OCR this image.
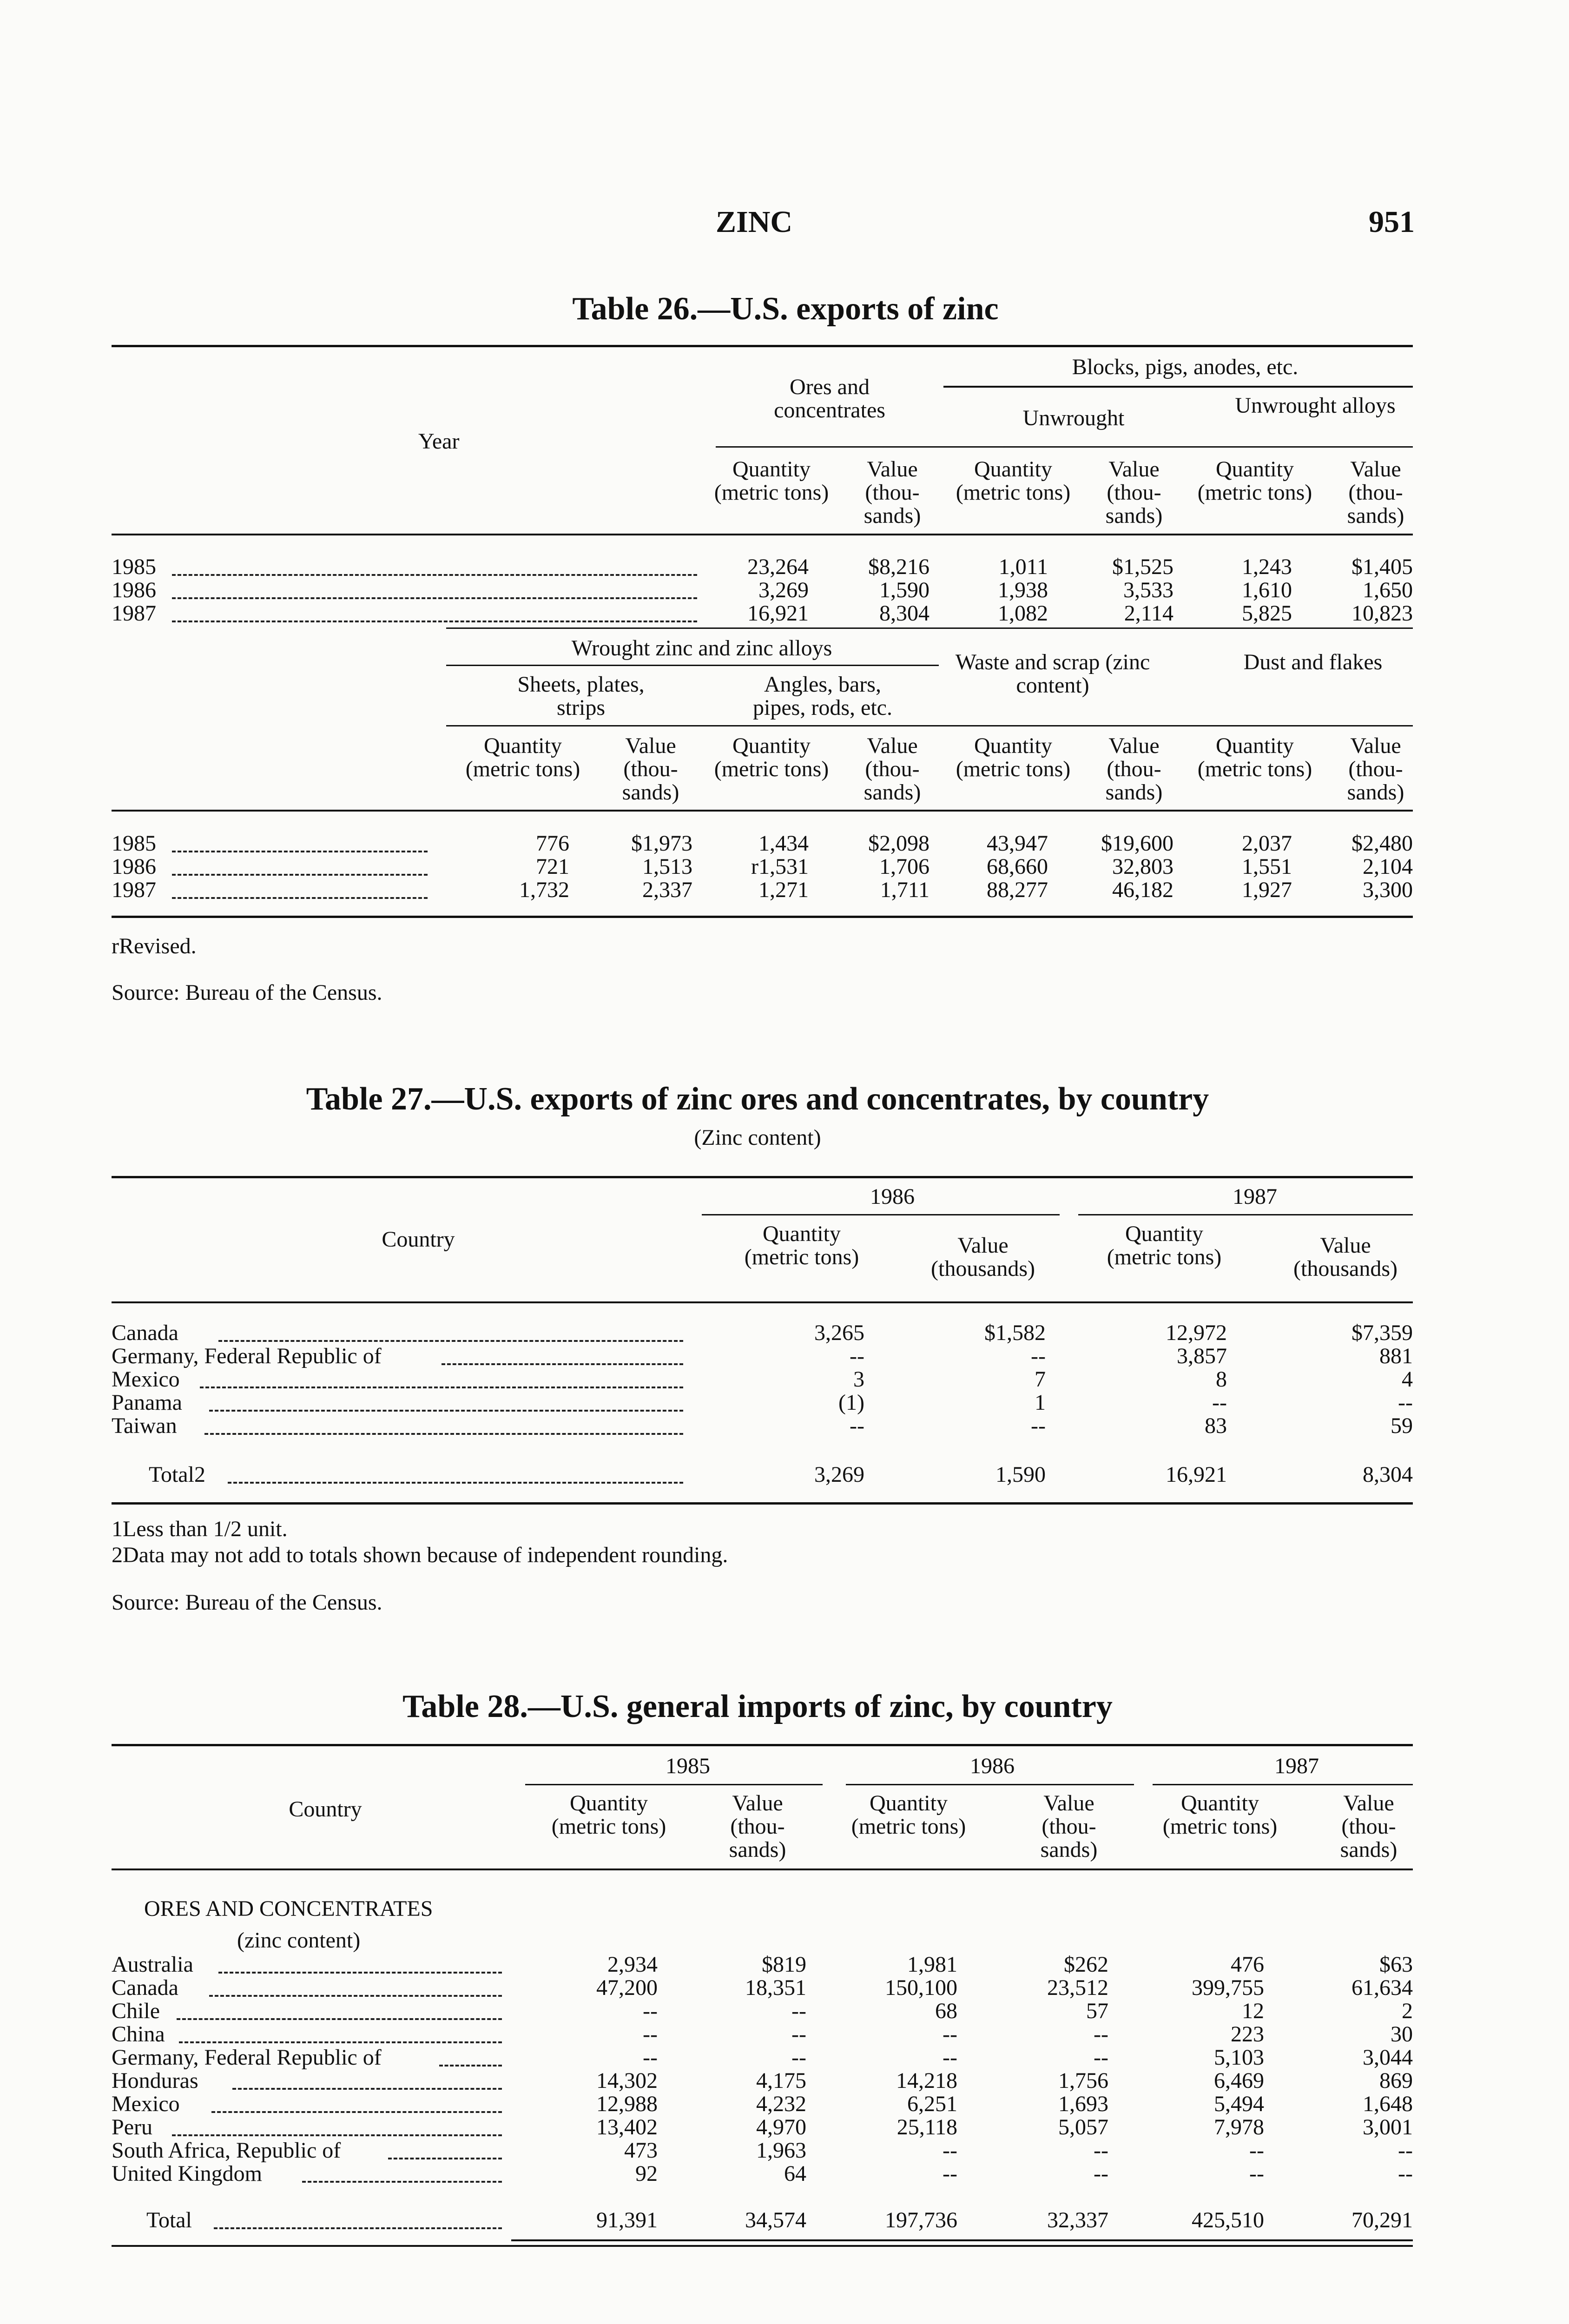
ZINC	951
Table 26.—U.S. exports of zinc
Year
Ores and concentrates
Blocks, pigs, anodes, etc.
Unwrought
Unwrought alloys
Quantity (metric tons)
Value (thou- sands)
Quantity (metric tons)
Value (thou- sands)
Quantity (metric tons)
Value (thou- sands)
1985	23,264	$8,216	1,011	$1,525	1,243	$1,405
1986	3,269	1,590	1,938	3,533	1,610	1,650
1987	16,921	8,304	1,082	2,114	5,825	10,823
Wrought zinc and zinc alloys
Sheets, plates, strips
Angles, bars, pipes, rods, etc.
Waste and scrap (zinc content)
Dust and flakes
Quantity (metric tons)
Value (thou- sands)
Quantity (metric tons)
Value (thou- sands)
Quantity (metric tons)
Value (thou- sands)
Quantity (metric tons)
Value (thou- sands)
1985	776	$1,973	1,434	$2,098	43,947 $19,600	2,037	$2,480
1986	721	1,513	r1,531	1,706	68,660	32,803	1,551	2,104
1987	1,732	2,337	1,271	1,711	88,277	46,182	1,927	3,300
rRevised.
Source: Bureau of the Census.
Table 27.—U.S. exports of zinc ores and concentrates, by country
(Zinc content)
Country
1986	1987
Quantity (metric tons)	Value (thousands)
Quantity (metric tons)	Value (thousands)
Canada	3,265	$1,582	12,972	$7,359
Germany, Federal Republic of	--	--	3,857	881
Mexico	3	7	8	4
Panama	(1)	1	--	--
Taiwan	--	--	83	59
Total2	3,269	1,590	16,921	8,304
1Less than 1/2 unit.
2Data may not add to totals shown because of independent rounding.
Source: Bureau of the Census.
Table 28.—U.S. general imports of zinc, by country
Country
1985	1986	1987
Quantity (metric tons)
Value (thou- sands)
Quantity (metric tons)
Value (thou- sands)
Quantity (metric tons)
Value (thou- sands)
ORES AND CONCENTRATES
(zinc content)
Australia	2,934	$819	1,981	$262	476	$63
Canada	47,200	18,351	150,100	23,512	399,755	61,634
Chile	--	--	68	57	12	2
China	--	--	--	--	223	30
Germany, Federal Republic of	--	--	--	--	5,103	3,044
Honduras	14,302	4,175	14,218	1,756	6,469	869
Mexico	12,988	4,232	6,251	1,693	5,494	1,648
Peru	13,402	4,970	25,118	5,057	7,978	3,001
South Africa, Republic of	473	1,963	--	--	--	--
United Kingdom	92	64	--	--	--	--
Total	91,391	34,574	197,736	32,337	425,510	70,291
